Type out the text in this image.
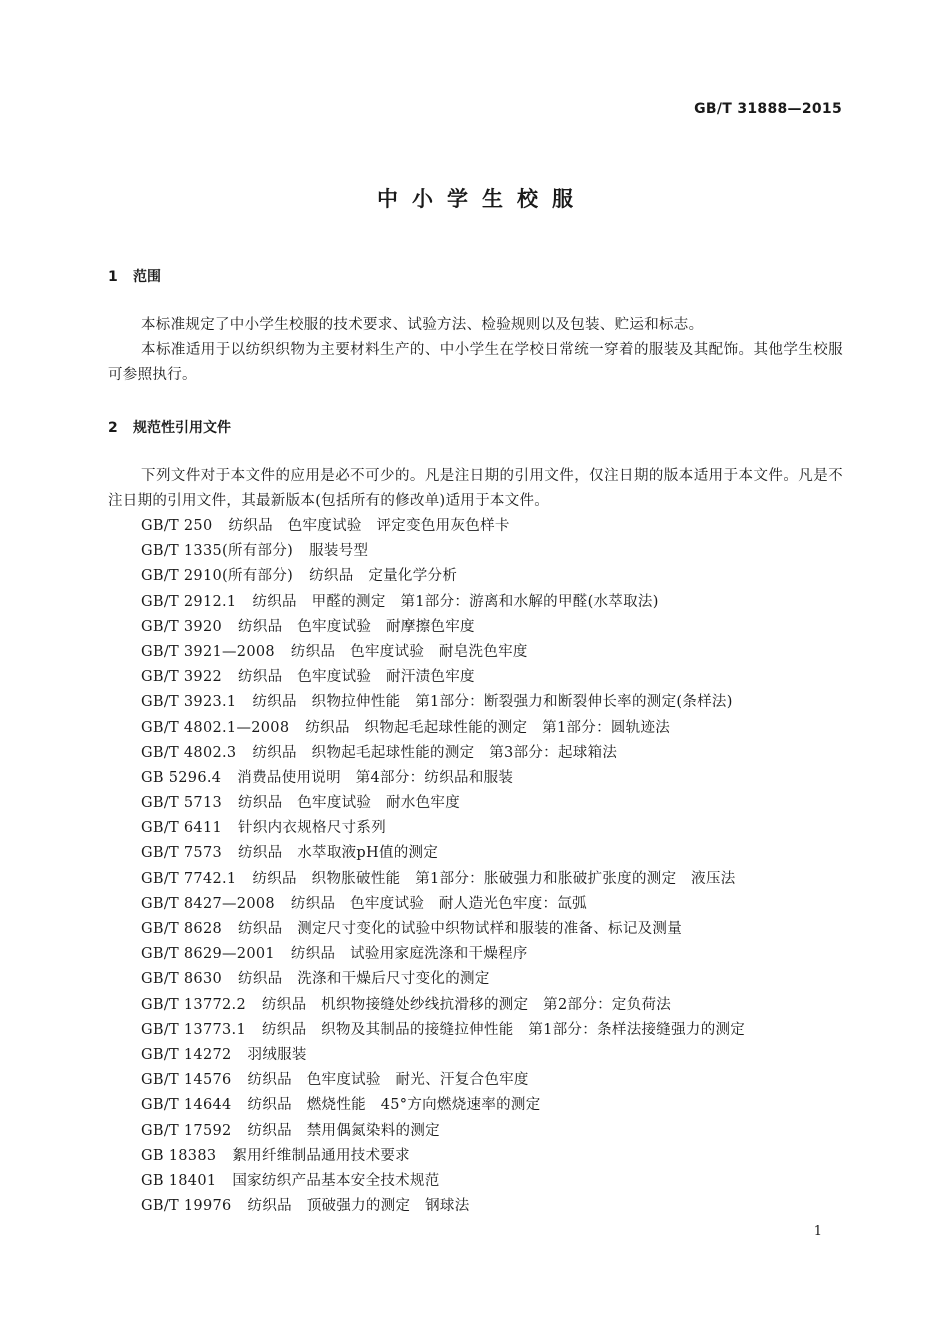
GB/T 31888—2015
中小学生校服
1 范围

本标准规定了中小学生校服的技术要求、试验方法、检验规则以及包装、贮运和标志。

本标准适用于以纺织织物为主要材料生产的、中小学生在学校日常统一穿着的服装及其配饰。其他学生校服可参照执行。

2 规范性引用文件

下列文件对于本文件的应用是必不可少的。凡是注日期的引用文件，仅注日期的版本适用于本文件。凡是不注日期的引用文件，其最新版本(包括所有的修改单)适用于本文件。

GB/T 250 纺织品　色牢度试验　评定变色用灰色样卡
GB/T 1335(所有部分) 服装号型
GB/T 2910(所有部分) 纺织品　定量化学分析
GB/T 2912.1 纺织品　甲醛的测定　第1部分：游离和水解的甲醛(水萃取法)
GB/T 3920 纺织品　色牢度试验　耐摩擦色牢度
GB/T 3921—2008 纺织品　色牢度试验　耐皂洗色牢度
GB/T 3922 纺织品　色牢度试验　耐汗渍色牢度
GB/T 3923.1 纺织品　织物拉伸性能　第1部分：断裂强力和断裂伸长率的测定(条样法)
GB/T 4802.1—2008 纺织品　织物起毛起球性能的测定　第1部分：圆轨迹法
GB/T 4802.3 纺织品　织物起毛起球性能的测定　第3部分：起球箱法
GB 5296.4 消费品使用说明　第4部分：纺织品和服装
GB/T 5713 纺织品　色牢度试验　耐水色牢度
GB/T 6411 针织内衣规格尺寸系列
GB/T 7573 纺织品　水萃取液pH值的测定
GB/T 7742.1 纺织品　织物胀破性能　第1部分：胀破强力和胀破扩张度的测定　液压法
GB/T 8427—2008 纺织品　色牢度试验　耐人造光色牢度：氙弧
GB/T 8628 纺织品　测定尺寸变化的试验中织物试样和服装的准备、标记及测量
GB/T 8629—2001 纺织品　试验用家庭洗涤和干燥程序
GB/T 8630 纺织品　洗涤和干燥后尺寸变化的测定
GB/T 13772.2 纺织品　机织物接缝处纱线抗滑移的测定　第2部分：定负荷法
GB/T 13773.1 纺织品　织物及其制品的接缝拉伸性能　第1部分：条样法接缝强力的测定
GB/T 14272 羽绒服装
GB/T 14576 纺织品　色牢度试验　耐光、汗复合色牢度
GB/T 14644 纺织品　燃烧性能　45°方向燃烧速率的测定
GB/T 17592 纺织品　禁用偶氮染料的测定
GB 18383 絮用纤维制品通用技术要求
GB 18401 国家纺织产品基本安全技术规范
GB/T 19976 纺织品　顶破强力的测定　钢球法
1
